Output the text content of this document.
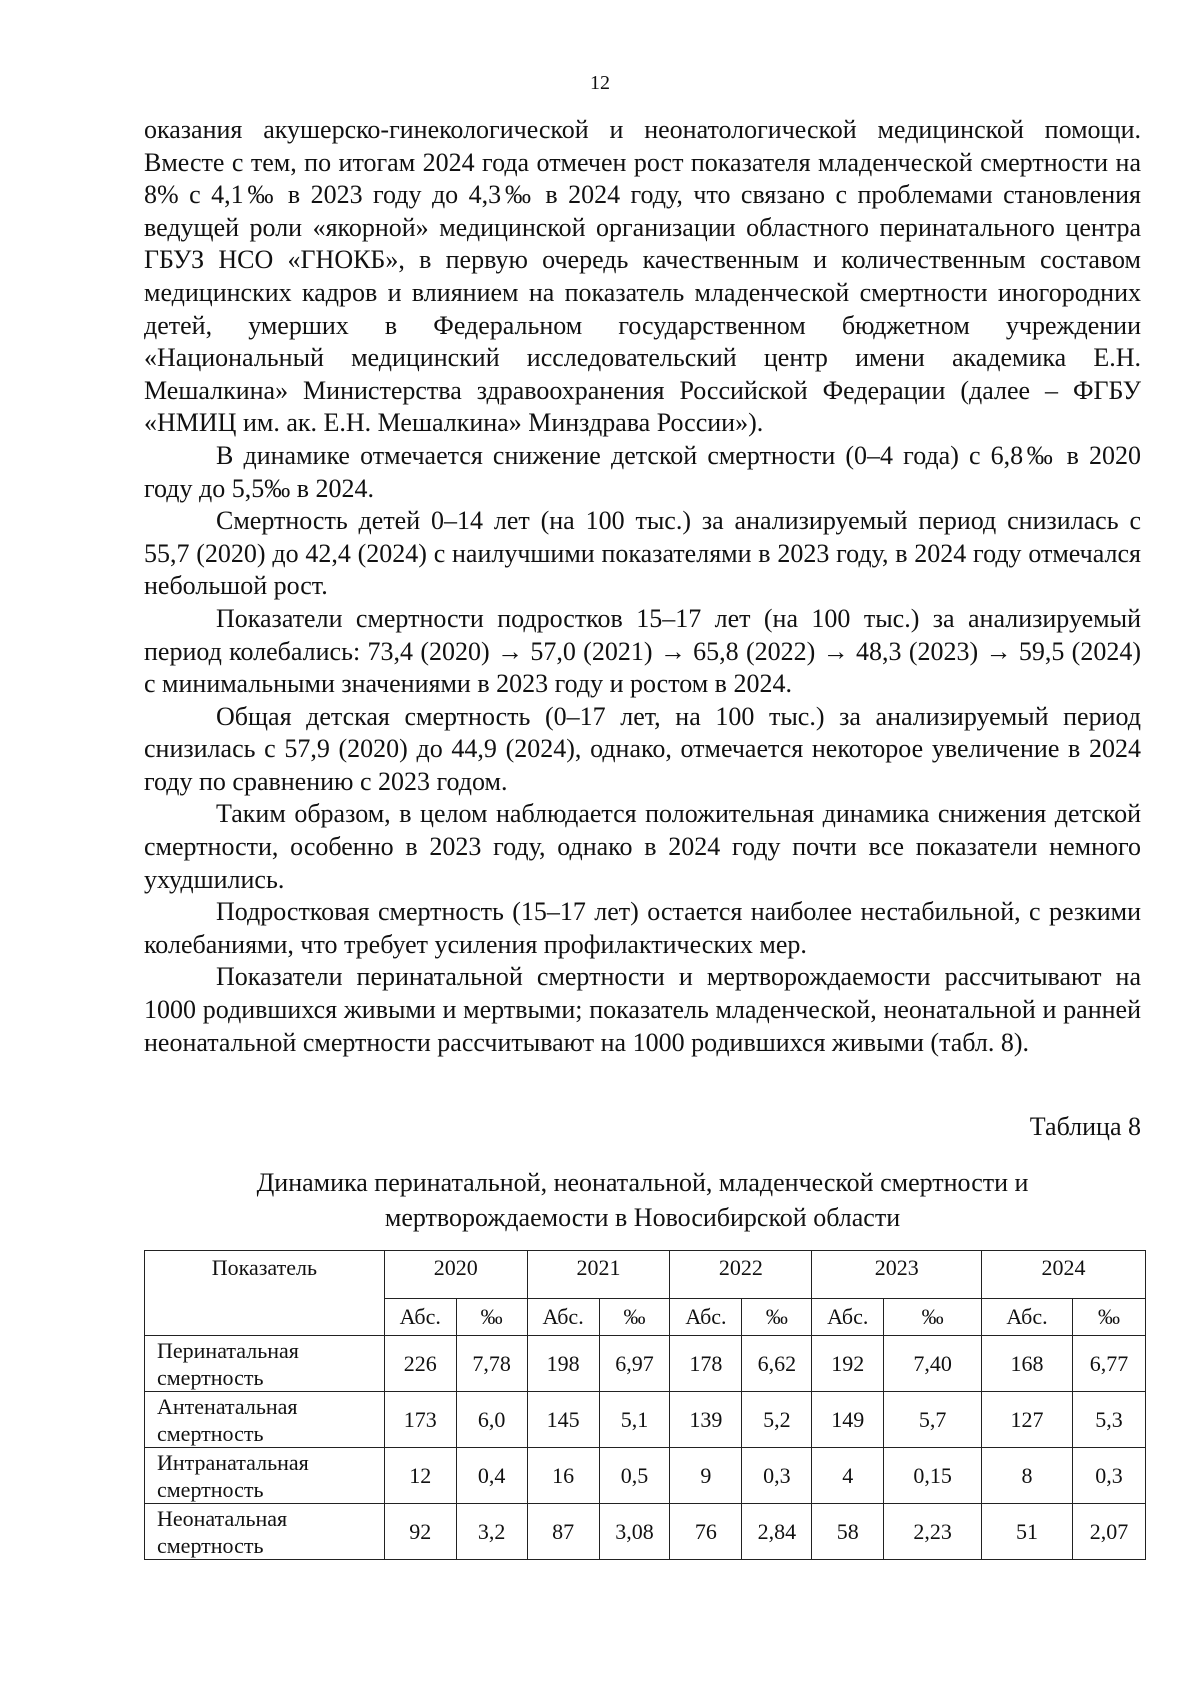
12

оказания акушерско-гинекологической и неонатологической медицинской помощи. Вместе с тем, по итогам 2024 года отмечен рост показателя младенческой смертности на 8% с 4,1‰ в 2023 году до 4,3‰ в 2024 году, что связано с проблемами становления ведущей роли «якорной» медицинской организации областного перинатального центра ГБУЗ НСО «ГНОКБ», в первую очередь качественным и количественным составом медицинских кадров и влиянием на показатель младенческой смертности иногородних детей, умерших в Федеральном государственном бюджетном учреждении «Национальный медицинский исследовательский центр имени академика Е.Н. Мешалкина» Министерства здравоохранения Российской Федерации (далее – ФГБУ «НМИЦ им. ак. Е.Н. Мешалкина» Минздрава России»).

В динамике отмечается снижение детской смертности (0–4 года) с 6,8‰ в 2020 году до 5,5‰ в 2024.

Смертность детей 0–14 лет (на 100 тыс.) за анализируемый период снизилась с 55,7 (2020) до 42,4 (2024) с наилучшими показателями в 2023 году, в 2024 году отмечался небольшой рост.

Показатели смертности подростков 15–17 лет (на 100 тыс.) за анализируемый период колебались: 73,4 (2020) → 57,0 (2021) → 65,8 (2022) → 48,3 (2023) → 59,5 (2024) с минимальными значениями в 2023 году и ростом в 2024.

Общая детская смертность (0–17 лет, на 100 тыс.) за анализируемый период снизилась с 57,9 (2020) до 44,9 (2024), однако, отмечается некоторое увеличение в 2024 году по сравнению с 2023 годом.

Таким образом, в целом наблюдается положительная динамика снижения детской смертности, особенно в 2023 году, однако в 2024 году почти все показатели немного ухудшились.

Подростковая смертность (15–17 лет) остается наиболее нестабильной, с резкими колебаниями, что требует усиления профилактических мер.

Показатели перинатальной смертности и мертворождаемости рассчитывают на 1000 родившихся живыми и мертвыми; показатель младенческой, неонатальной и ранней неонатальной смертности рассчитывают на 1000 родившихся живыми (табл. 8).

Таблица 8
Динамика перинатальной, неонатальной, младенческой смертности и
мертворождаемости в Новосибирской области
Показатель	2020		2021		2022		2023		2024	
	Абс.	‰	Абс.	‰	Абс.	‰	Абс.	‰	Абс.	‰
Перинатальная
смертность	226	7,78	198	6,97	178	6,62	192	7,40	168	6,77
Антенатальная
смертность	173	6,0	145	5,1	139	5,2	149	5,7	127	5,3
Интранатальная
смертность	12	0,4	16	0,5	9	0,3	4	0,15	8	0,3
Неонатальная
смертность	92	3,2	87	3,08	76	2,84	58	2,23	51	2,07
